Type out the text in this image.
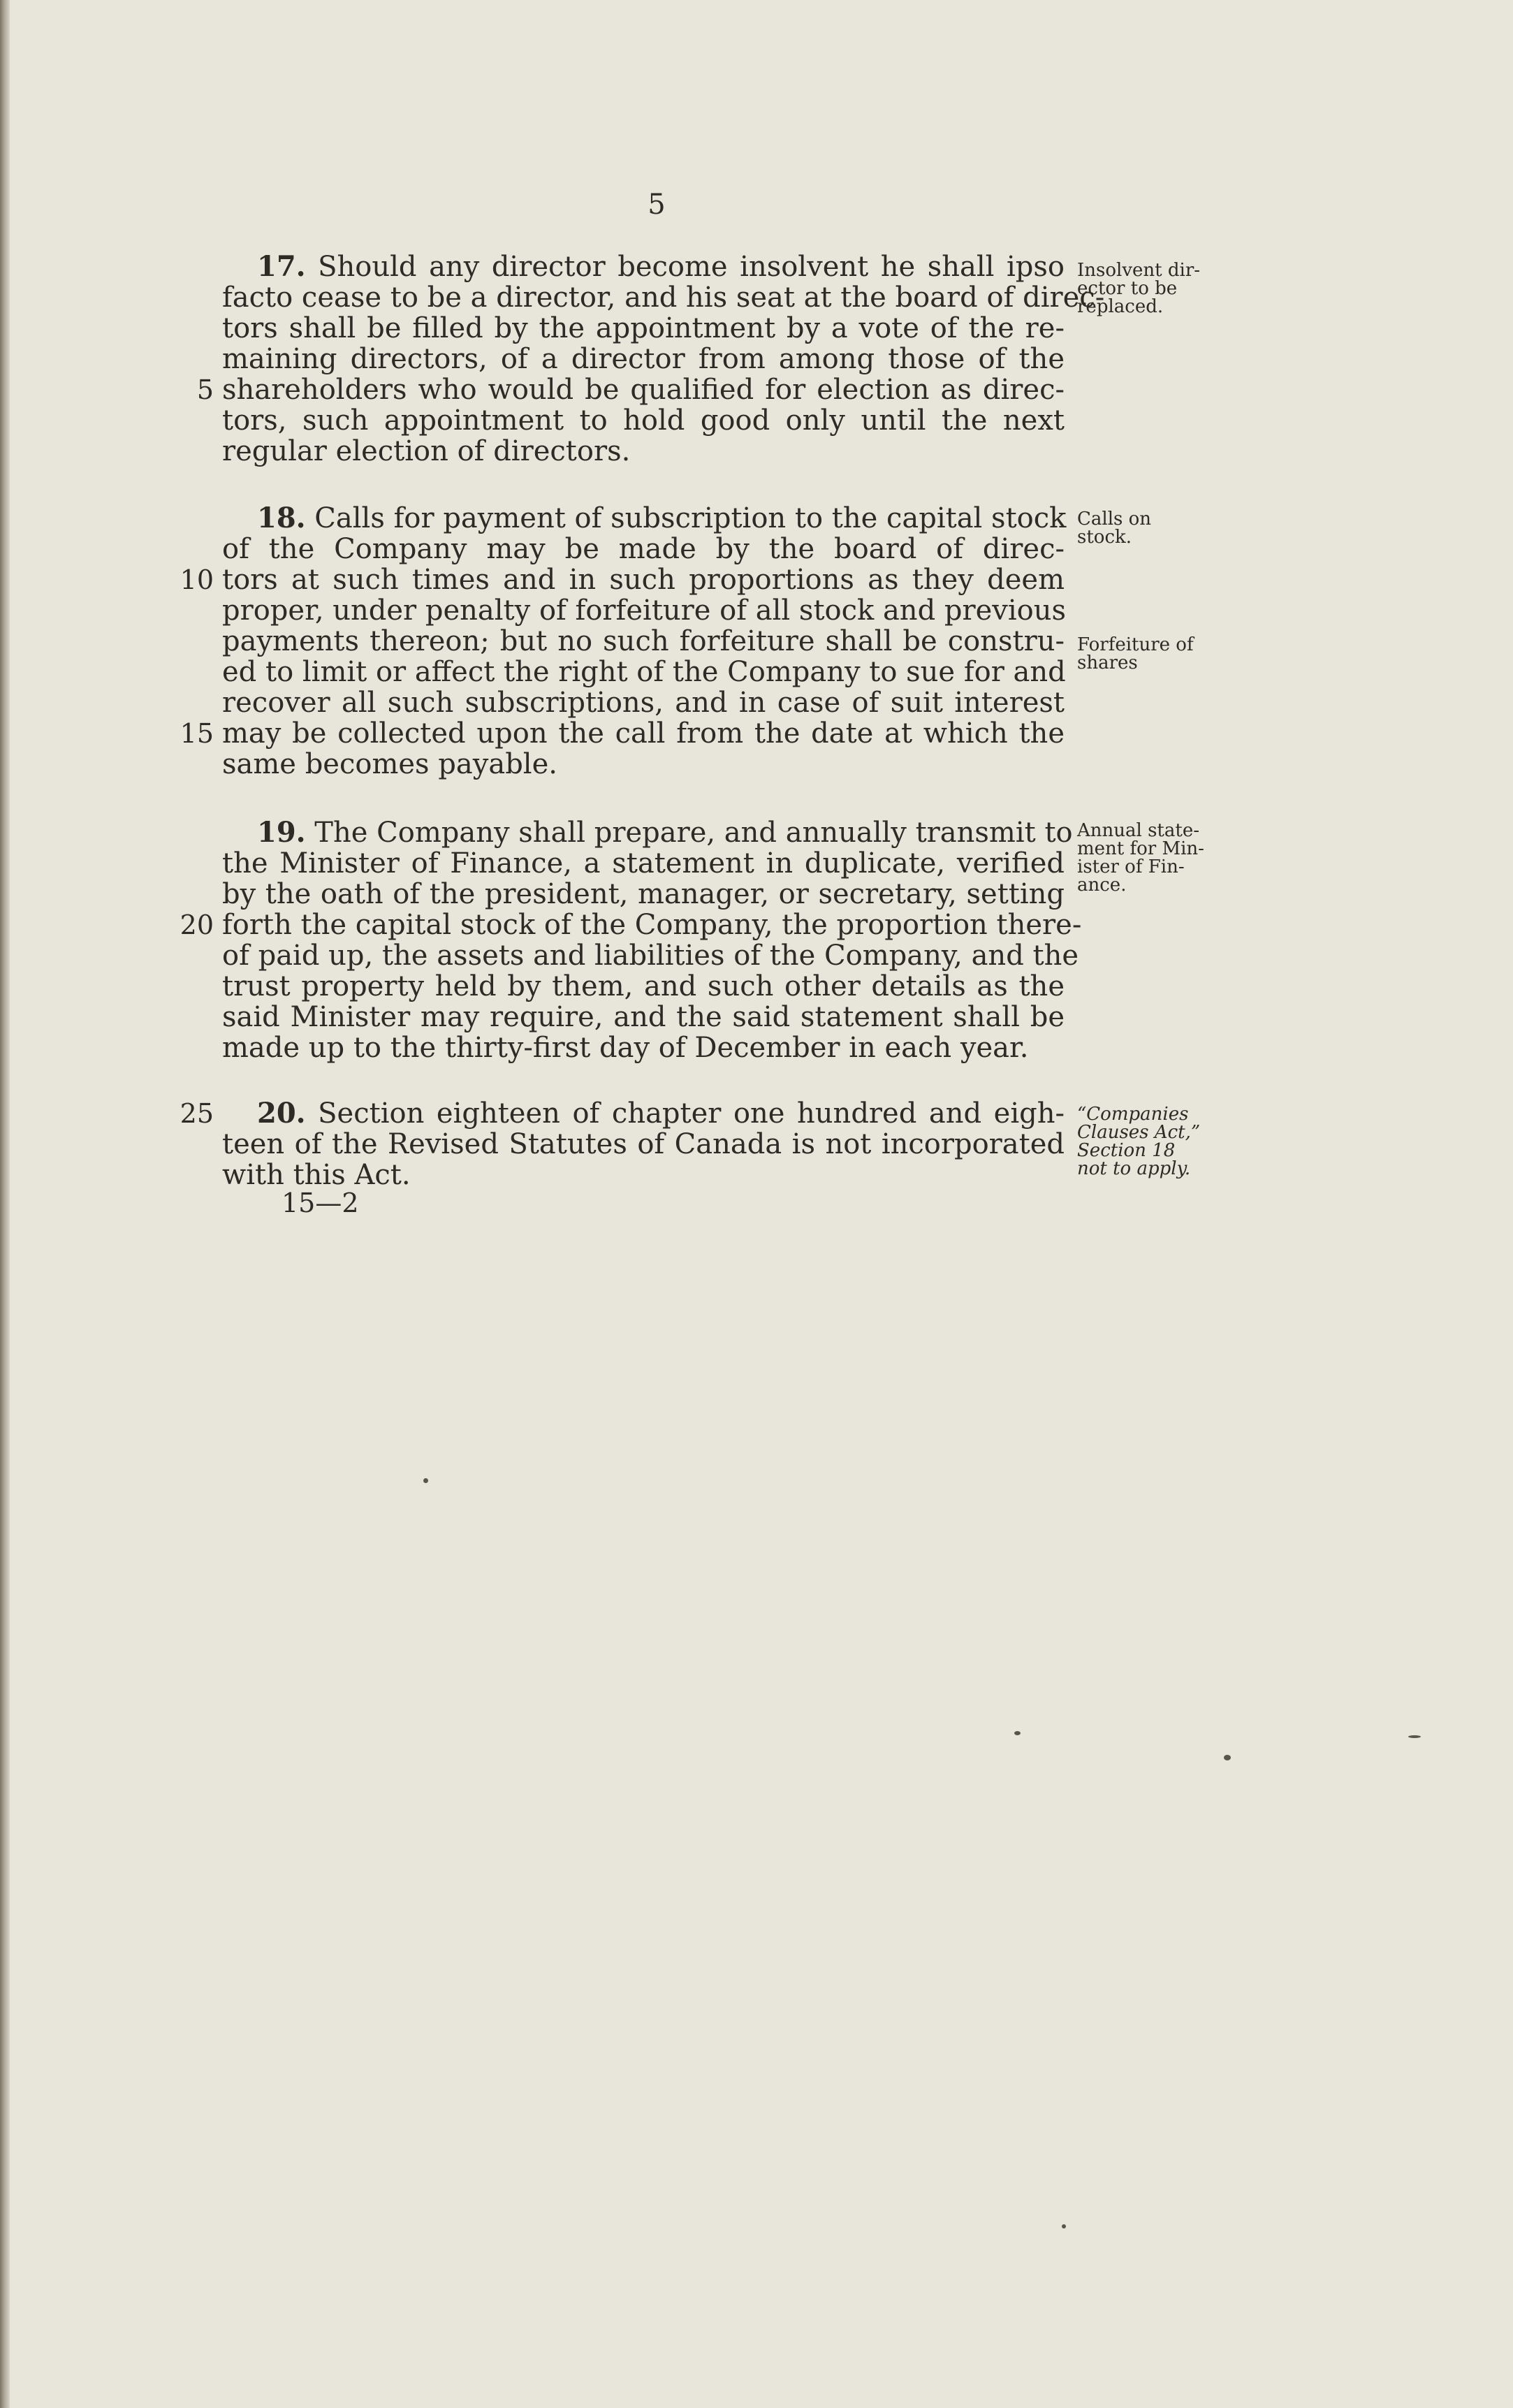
5
17. Should any director become insolvent he shall ipso
facto cease to be a director, and his seat at the board of direc-
tors shall be filled by the appointment by a vote of the re-
maining directors, of a director from among those of the
shareholders who would be qualified for election as direc-
tors, such appointment to hold good only until the next
regular election of directors.
5
Insolvent dir-
ector to be
replaced.
18. Calls for payment of subscription to the capital stock
of the Company may be made by the board of direc-
tors at such times and in such proportions as they deem
proper, under penalty of forfeiture of all stock and previous
payments thereon; but no such forfeiture shall be constru-
ed to limit or affect the right of the Company to sue for and
recover all such subscriptions, and in case of suit interest
may be collected upon the call from the date at which the
same becomes payable.
10
15
Calls on
stock.
Forfeiture of
shares
19. The Company shall prepare, and annually transmit to
the Minister of Finance, a statement in duplicate, verified
by the oath of the president, manager, or secretary, setting
forth the capital stock of the Company, the proportion there-
of paid up, the assets and liabilities of the Company, and the
trust property held by them, and such other details as the
said Minister may require, and the said statement shall be
made up to the thirty-first day of December in each year.
20
Annual state-
ment for Min-
ister of Fin-
ance.
20. Section eighteen of chapter one hundred and eigh-
teen of the Revised Statutes of Canada is not incorporated
with this Act.
25	“Companies
Clauses Act,”
Section 18
not to apply.
15—2
